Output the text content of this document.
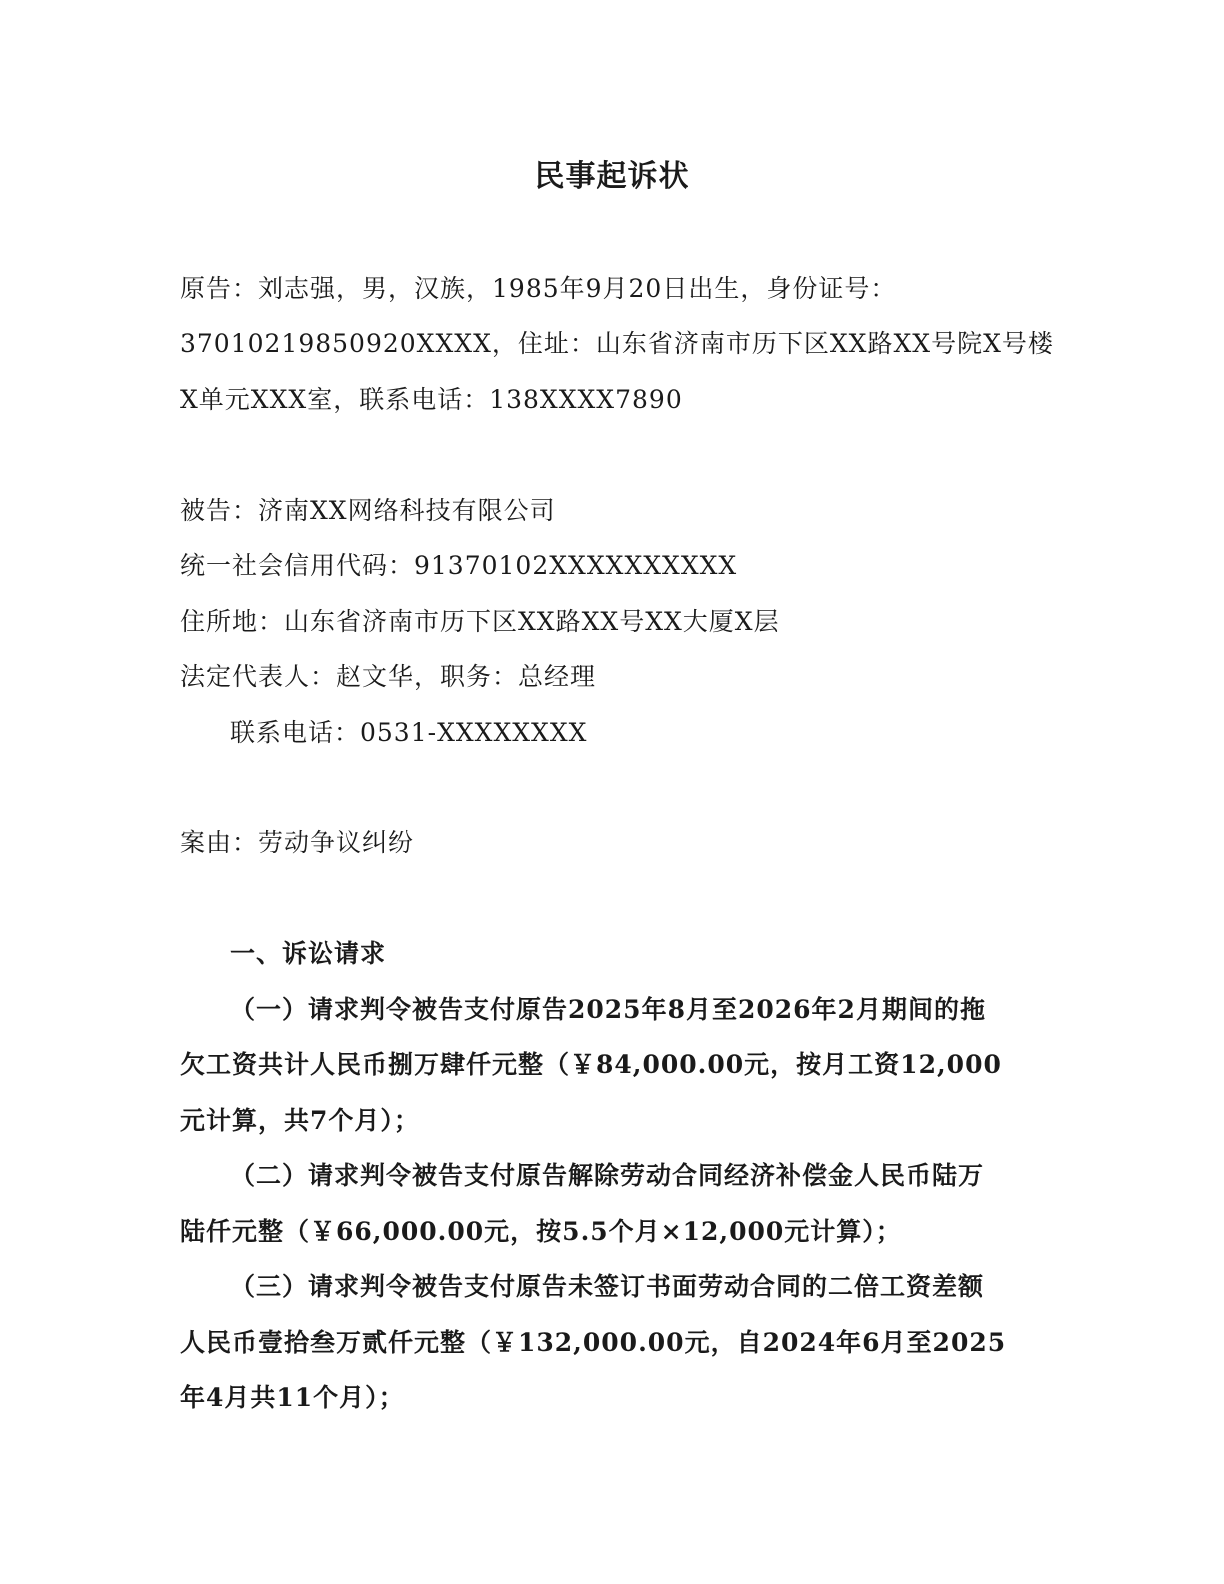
民事起诉状
原告：刘志强，男，汉族，1985年9月20日出生，身份证号：
37010219850920XXXX，住址：山东省济南市历下区XX路XX号院X号楼
X单元XXX室，联系电话：138XXXX7890
被告：济南XX网络科技有限公司
统一社会信用代码：91370102XXXXXXXXXX
住所地：山东省济南市历下区XX路XX号XX大厦X层
法定代表人：赵文华，职务：总经理
联系电话：0531-XXXXXXXX
案由：劳动争议纠纷
一、诉讼请求
（一）请求判令被告支付原告2025年8月至2026年2月期间的拖
欠工资共计人民币捌万肆仟元整（￥84,000.00元，按月工资12,000
元计算，共7个月）；
（二）请求判令被告支付原告解除劳动合同经济补偿金人民币陆万
陆仟元整（￥66,000.00元，按5.5个月×12,000元计算）；
（三）请求判令被告支付原告未签订书面劳动合同的二倍工资差额
人民币壹拾叁万贰仟元整（￥132,000.00元，自2024年6月至2025
年4月共11个月）；
